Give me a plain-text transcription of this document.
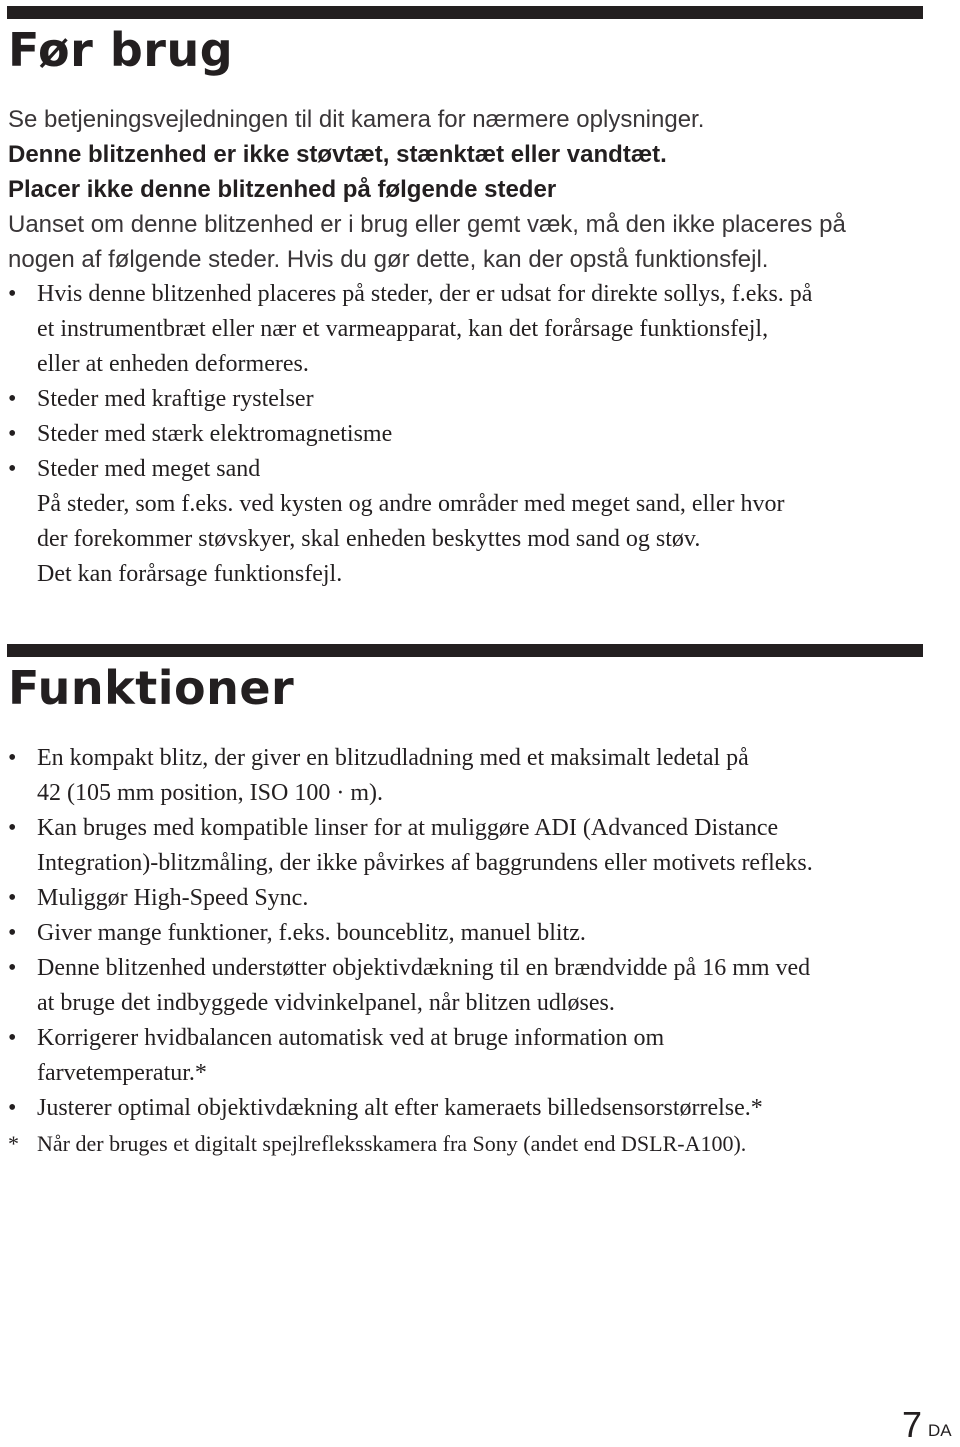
Før brug

Se betjeningsvejledningen til dit kamera for nærmere oplysninger.

Denne blitzenhed er ikke støvtæt, stænktæt eller vandtæt.

Placer ikke denne blitzenhed på følgende steder

Uanset om denne blitzenhed er i brug eller gemt væk, må den ikke placeres på

nogen af følgende steder. Hvis du gør dette, kan der opstå funktionsfejl.

• Hvis denne blitzenhed placeres på steder, der er udsat for direkte sollys, f.eks. på

et instrumentbræt eller nær et varmeapparat, kan det forårsage funktionsfejl,

eller at enheden deformeres.

• Steder med kraftige rystelser

• Steder med stærk elektromagnetisme

• Steder med meget sand

På steder, som f.eks. ved kysten og andre områder med meget sand, eller hvor

der forekommer støvskyer, skal enheden beskyttes mod sand og støv.

Det kan forårsage funktionsfejl.

Funktioner
• En kompakt blitz, der giver en blitzudladning med et maksimalt ledetal på

42 (105 mm position, ISO 100 · m).

• Kan bruges med kompatible linser for at muliggøre ADI (Advanced Distance

Integration)-blitzmåling, der ikke påvirkes af baggrundens eller motivets refleks.

• Muliggør High-Speed Sync.

• Giver mange funktioner, f.eks. bounceblitz, manuel blitz.

• Denne blitzenhed understøtter objektivdækning til en brændvidde på 16 mm ved

at bruge det indbyggede vidvinkelpanel, når blitzen udløses.

• Korrigerer hvidbalancen automatisk ved at bruge information om

farvetemperatur.*

• Justerer optimal objektivdækning alt efter kameraets billedsensorstørrelse.*

* Når der bruges et digitalt spejlrefleksskamera fra Sony (andet end DSLR-A100).

7 DA
